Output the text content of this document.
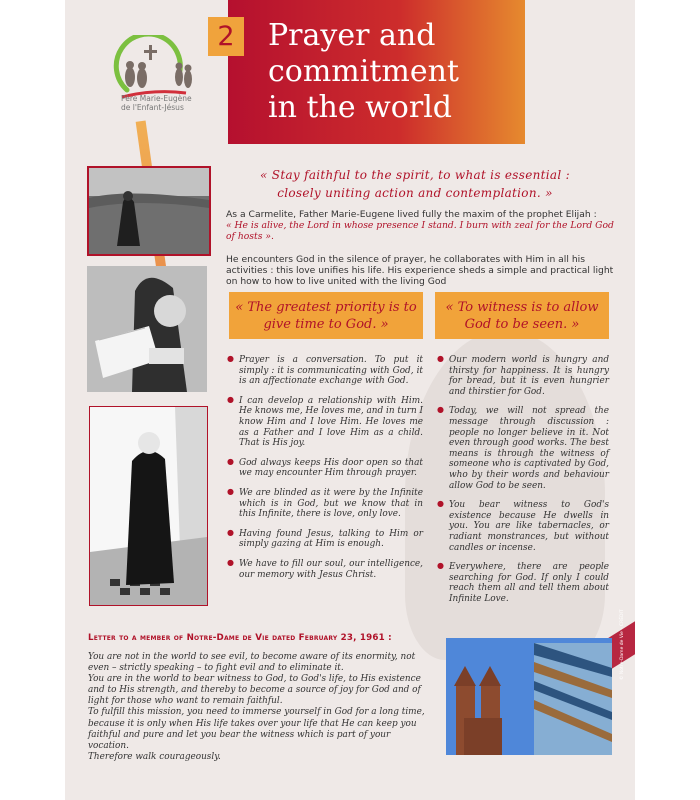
Père Marie-Eugène
de l'Enfant-Jésus
2	Prayer and
commitment
in the world
« Stay faithful to the spirit, to what is essential :
closely uniting action and contemplation. »
As a Carmelite, Father Marie-Eugene lived fully the maxim of the prophet Elijah :
« He is alive, the Lord in whose presence I stand. I burn with zeal for the Lord God of hosts ».
He encounters God in the silence of prayer, he collaborates with Him in all his activities : this love unifies his life. His experience sheds a simple and practical light on how to how to live united with the living God
« The greatest priority is to give time to God. »
« To witness is to allow God to be seen. »
● Prayer is a conversation. To put it simply : it is communicating with God, it is an affectionate exchange with God.
● I can develop a relationship with Him. He knows me, He loves me, and in turn I know Him and I love Him. He loves me as a Father and I love Him as a child. That is His joy.
● God always keeps His door open so that we may encounter Him through prayer.
● We are blinded as it were by the Infinite which is in God, but we know that in this Infinite, there is love, only love.
● Having found Jesus, talking to Him or simply gazing at Him is enough.
● We have to fill our soul, our intelligence, our memory with Jesus Christ.
● Our modern world is hungry and thirsty for happiness. It is hungry for bread, but it is even hungrier and thirstier for God.
● Today, we will not spread the message through discussion : people no longer believe in it. Not even through good works. The best means is through the witness of someone who is captivated by God, who by their words and behaviour allow God to be seen.
● You bear witness to God's existence because He dwells in you. You are like tabernacles, or radiant monstrances, but without candles or incense.
● Everywhere, there are people searching for God. If only I could reach them all and tell them about Infinite Love.
Letter to a member of Notre-Dame de Vie dated February 23, 1961 :
You are not in the world to see evil, to become aware of its enormity, not even – strictly speaking – to fight evil and to eliminate it.
You are in the world to bear witness to God, to God's life, to His existence and to His strength, and thereby to become a source of joy for God and of light for those who want to remain faithful.
To fulfill this mission, you need to immerse yourself in God for a long time, because it is only when His life takes over your life that He can keep you faithful and pure and let you bear the witness which is part of your vocation.
Therefore walk courageously.
© Notre-Dame de Vie – CRÉDIT
